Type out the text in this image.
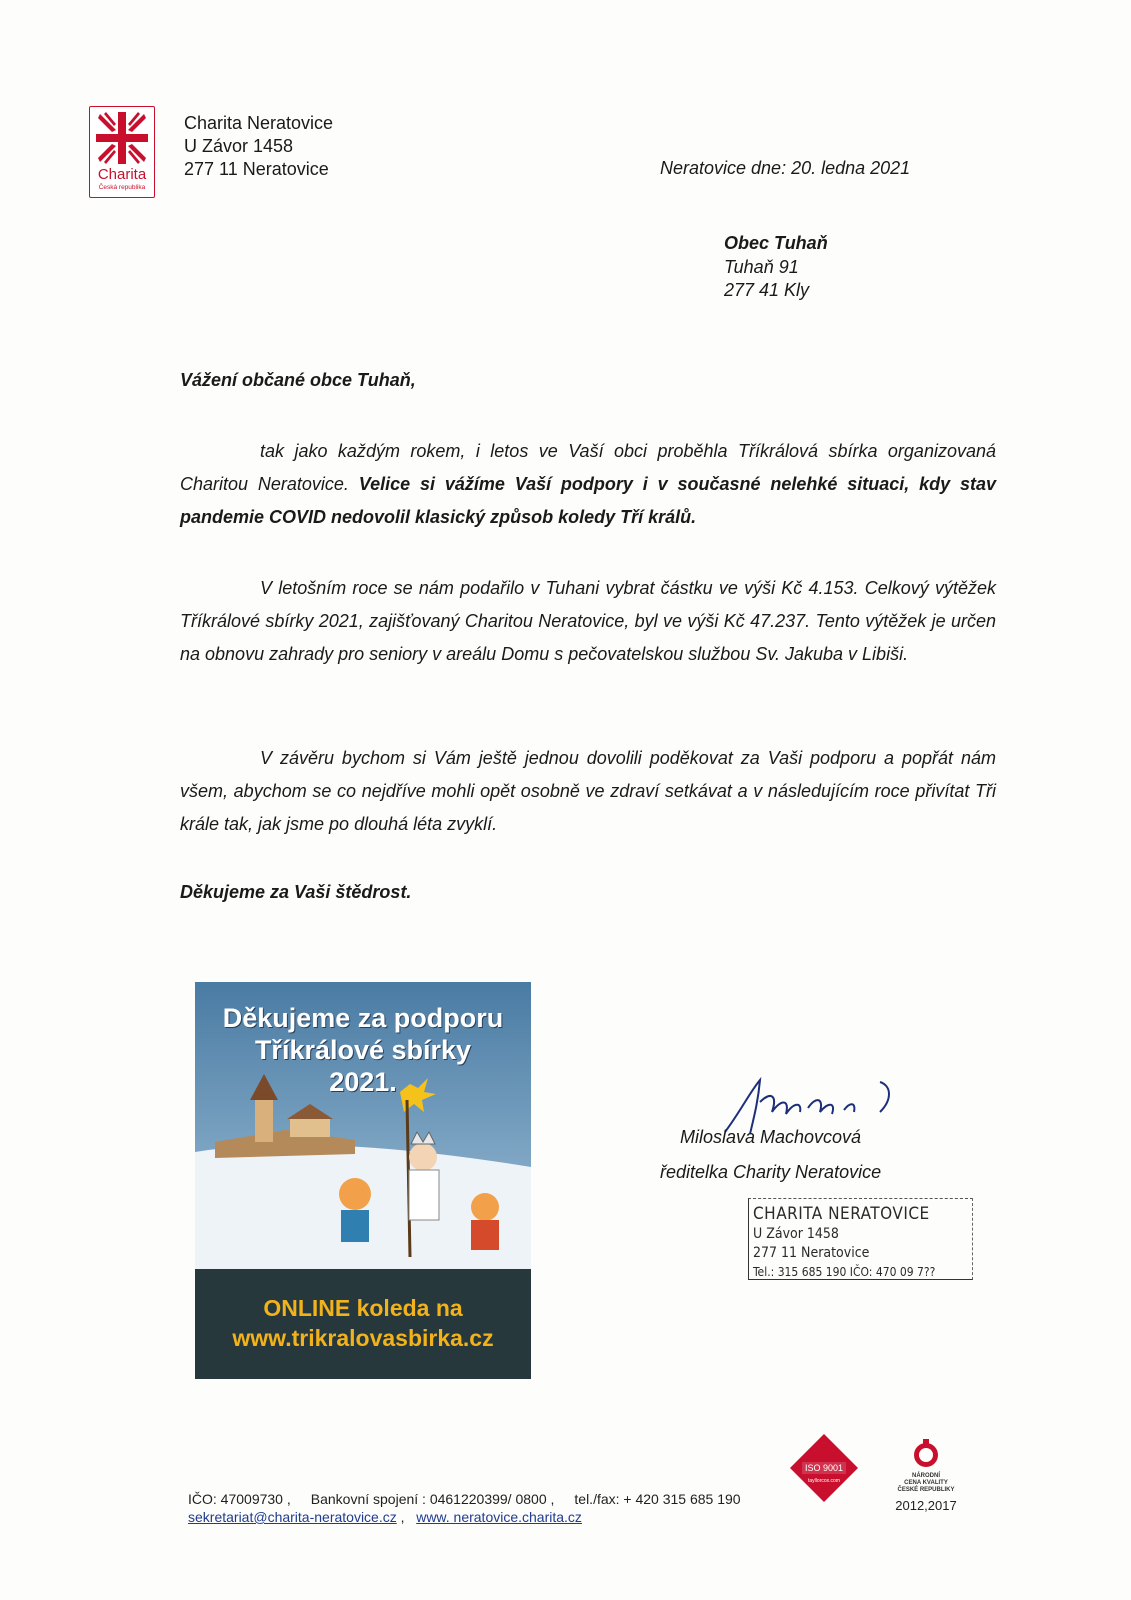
Charita
Česká republika
Charita Neratovice
U Závor 1458
277 11 Neratovice	Neratovice dne: 20. ledna 2021
Obec Tuhaň
Tuhaň 91
277 41 Kly
Vážení občané obce Tuhaň,
tak jako každým rokem, i letos ve Vaší obci proběhla Tříkrálová sbírka organizovaná Charitou Neratovice. Velice si vážíme Vaší podpory i v současné nelehké situaci, kdy stav pandemie COVID nedovolil klasický způsob koledy Tří králů.
V letošním roce se nám podařilo v Tuhani vybrat částku ve výši Kč 4.153. Celkový výtěžek Tříkrálové sbírky 2021, zajišťovaný Charitou Neratovice, byl ve výši Kč 47.237. Tento výtěžek je určen na obnovu zahrady pro seniory v areálu Domu s pečovatelskou službou Sv. Jakuba v Libiši.
V závěru bychom si Vám ještě jednou dovolili poděkovat za Vaši podporu a popřát nám všem, abychom se co nejdříve mohli opět osobně ve zdraví setkávat a v následujícím roce přivítat Tři krále tak, jak jsme po dlouhá léta zvyklí.
Děkujeme za Vaši štědrost.
Děkujeme za podporu
Tříkrálové sbírky
2021.
ONLINE koleda na
www.trikralovasbirka.cz
Miloslava Machovcová
ředitelka Charity Neratovice
CHARITA NERATOVICE
U Závor 1458
277 11 Neratovice
Tel.: 315 685 190 IČO: 470 09 7??
ISO 9001
tayllorcox.com
NÁRODNÍ
CENA KVALITY
ČESKÉ REPUBLIKY
2012,2017
IČO: 47009730 , Bankovní spojení : 0461220399/ 0800 , tel./fax: + 420 315 685 190
sekretariat@charita-neratovice.cz , www. neratovice.charita.cz
